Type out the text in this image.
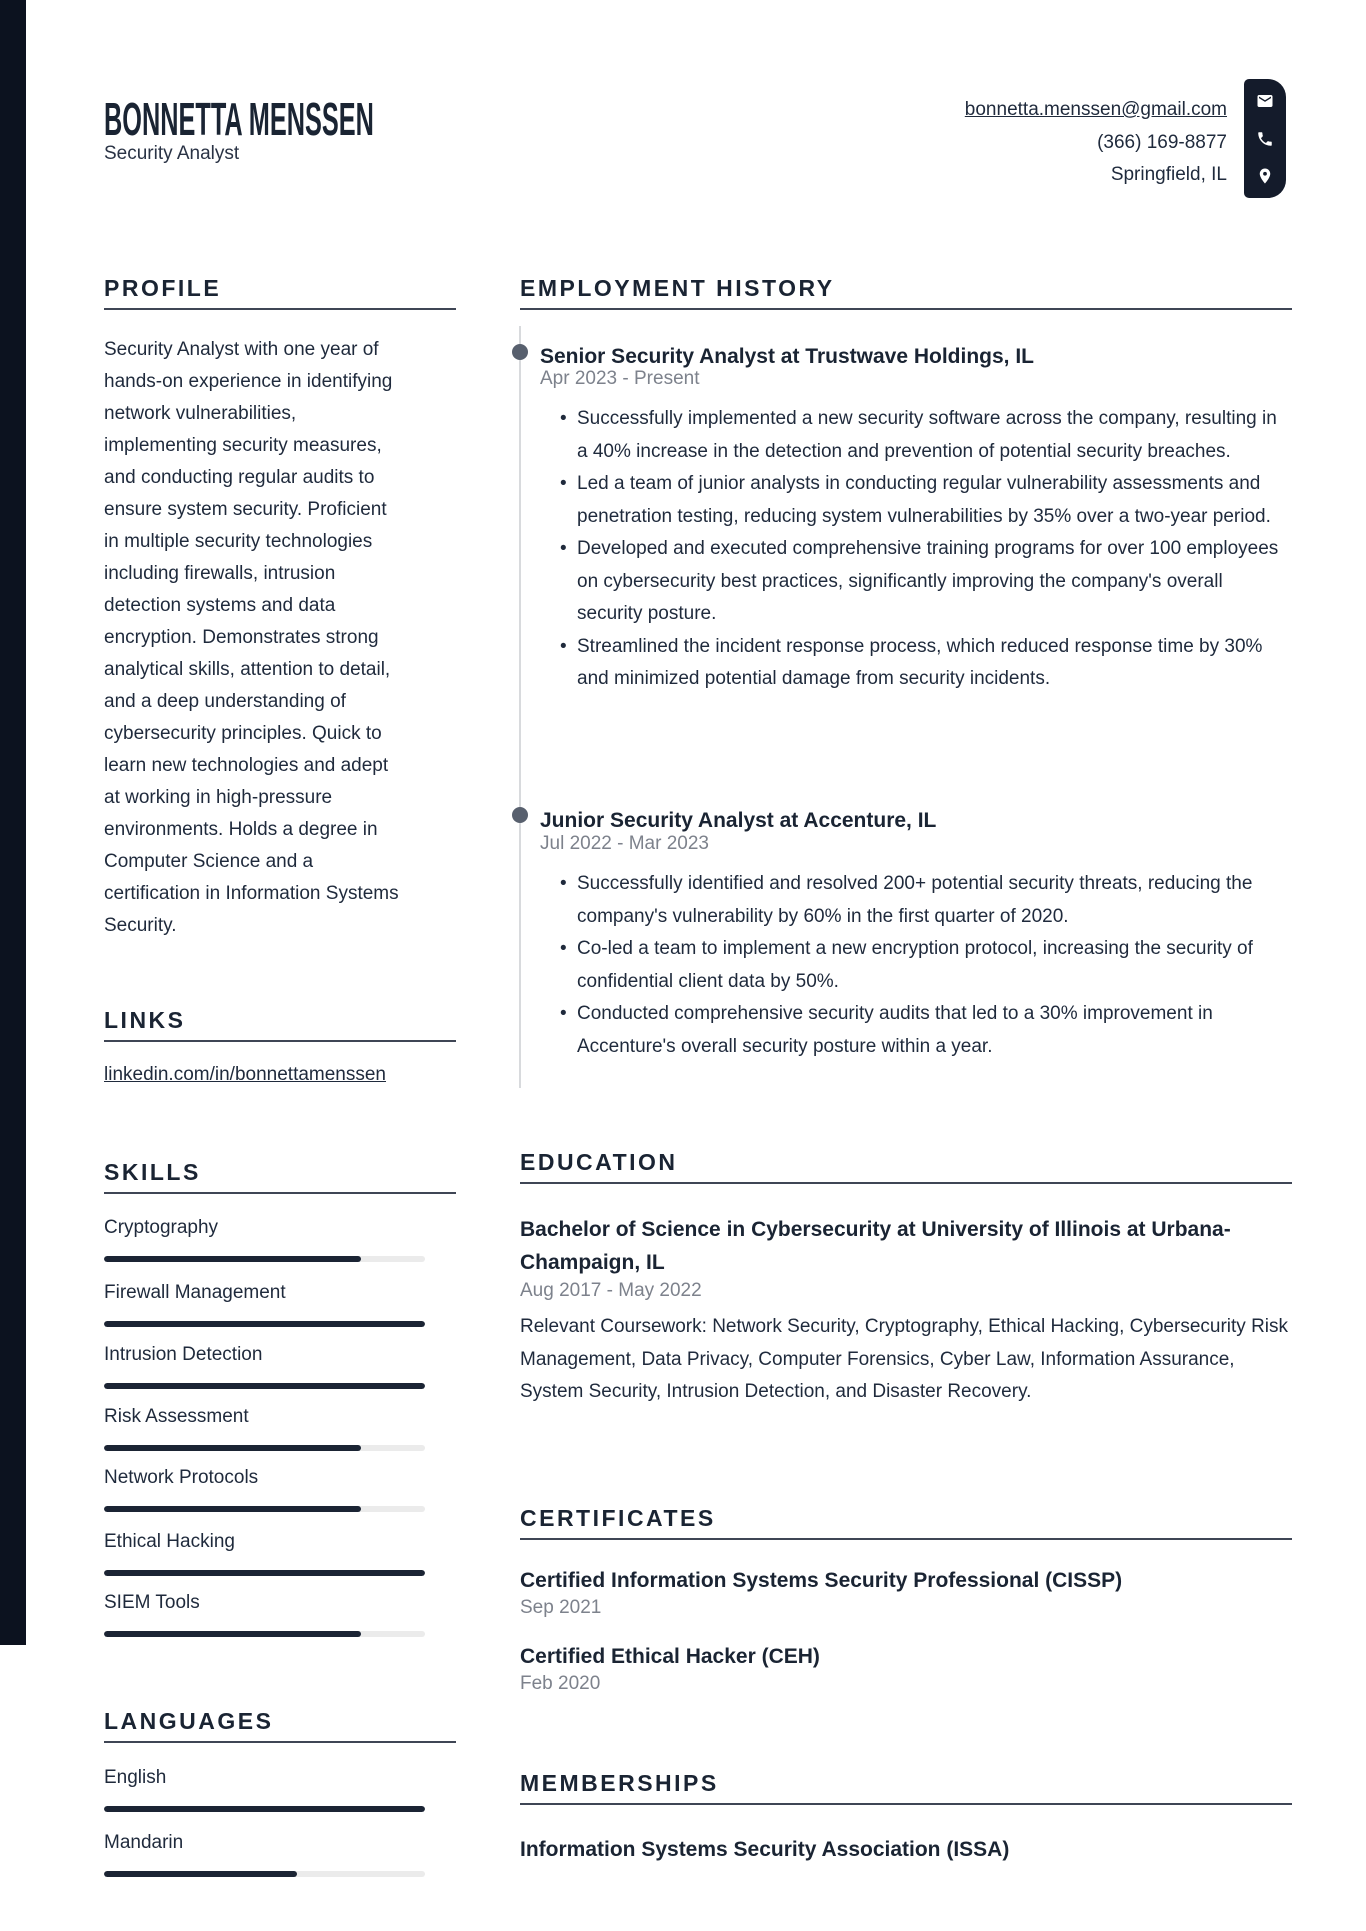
BONNETTA MENSSEN
Security Analyst
bonnetta.menssen@gmail.com
(366) 169-8877
Springfield, IL
PROFILE
Security Analyst with one year of hands-on experience in identifying network vulnerabilities, implementing security measures, and conducting regular audits to ensure system security. Proficient in multiple security technologies including firewalls, intrusion detection systems and data encryption. Demonstrates strong analytical skills, attention to detail, and a deep understanding of cybersecurity principles. Quick to learn new technologies and adept at working in high-pressure environments. Holds a degree in Computer Science and a certification in Information Systems Security.
LINKS
linkedin.com/in/bonnettamenssen
SKILLS
Cryptography
Firewall Management
Intrusion Detection
Risk Assessment
Network Protocols
Ethical Hacking
SIEM Tools
LANGUAGES
English
Mandarin
EMPLOYMENT HISTORY
Senior Security Analyst at Trustwave Holdings, IL
Apr 2023 - Present
• Successfully implemented a new security software across the company, resulting in a 40% increase in the detection and prevention of potential security breaches.
• Led a team of junior analysts in conducting regular vulnerability assessments and penetration testing, reducing system vulnerabilities by 35% over a two-year period.
• Developed and executed comprehensive training programs for over 100 employees on cybersecurity best practices, significantly improving the company's overall security posture.
• Streamlined the incident response process, which reduced response time by 30% and minimized potential damage from security incidents.
Junior Security Analyst at Accenture, IL
Jul 2022 - Mar 2023
• Successfully identified and resolved 200+ potential security threats, reducing the company's vulnerability by 60% in the first quarter of 2020.
• Co-led a team to implement a new encryption protocol, increasing the security of confidential client data by 50%.
• Conducted comprehensive security audits that led to a 30% improvement in Accenture's overall security posture within a year.
EDUCATION
Bachelor of Science in Cybersecurity at University of Illinois at Urbana-Champaign, IL
Aug 2017 - May 2022
Relevant Coursework: Network Security, Cryptography, Ethical Hacking, Cybersecurity Risk Management, Data Privacy, Computer Forensics, Cyber Law, Information Assurance, System Security, Intrusion Detection, and Disaster Recovery.
CERTIFICATES
Certified Information Systems Security Professional (CISSP)
Sep 2021
Certified Ethical Hacker (CEH)
Feb 2020
MEMBERSHIPS
Information Systems Security Association (ISSA)
